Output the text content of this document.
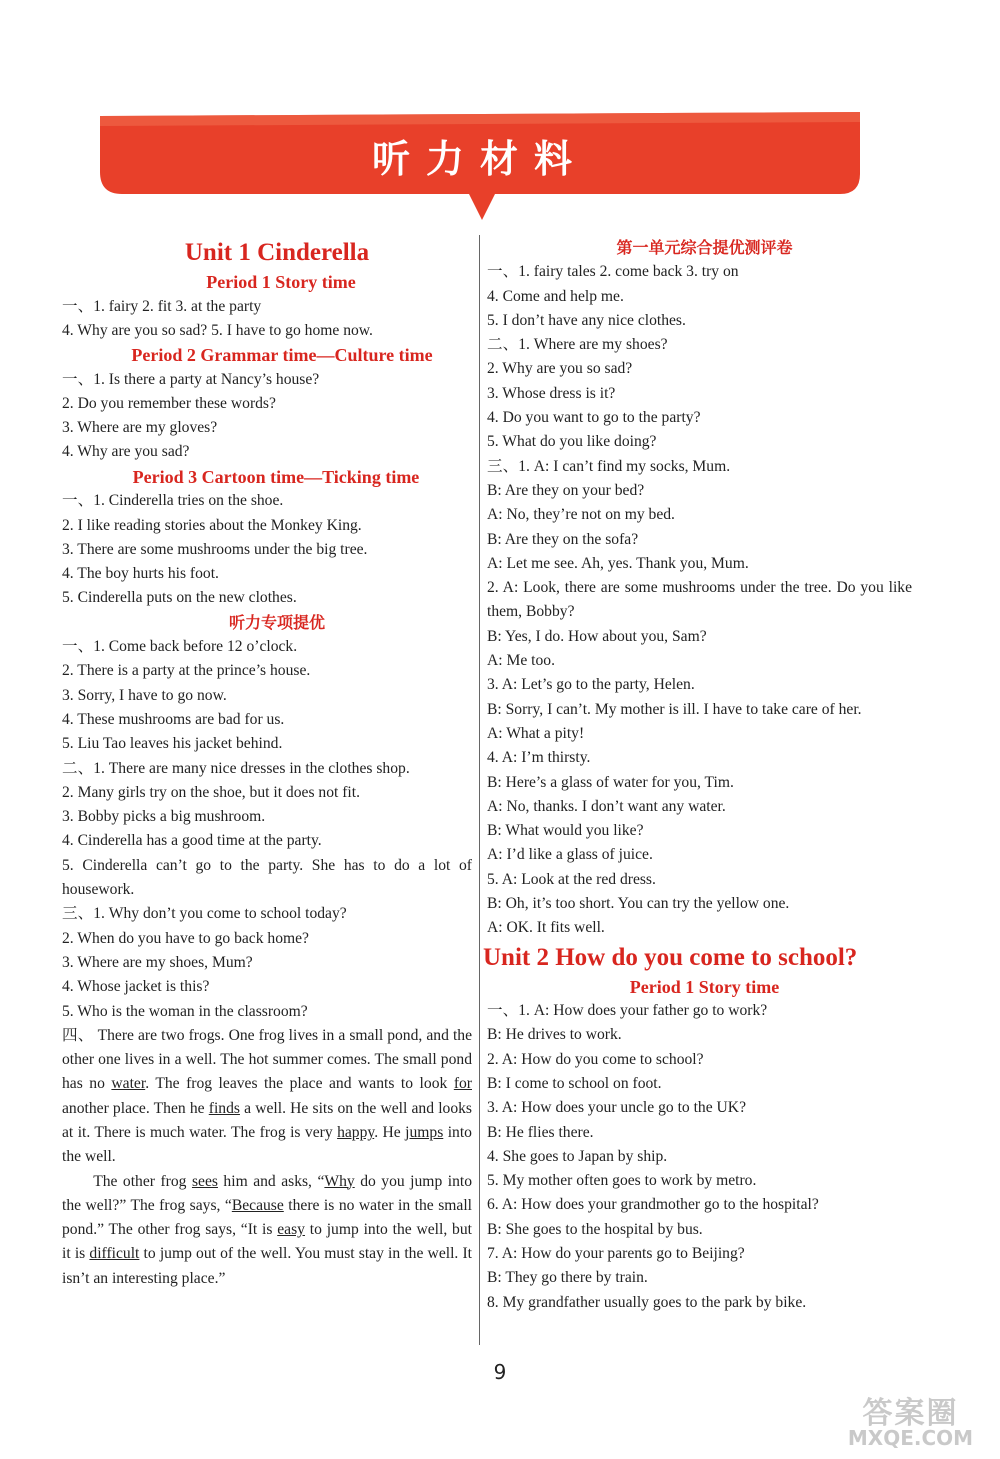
听力材料
Unit 1 Cinderella
Period 1 Story time
一、1. fairy 2. fit 3. at the party
4. Why are you so sad? 5. I have to go home now.
Period 2 Grammar time—Culture time
一、1. Is there a party at Nancy’s house?
2. Do you remember these words?
3. Where are my gloves?
4. Why are you sad?
Period 3 Cartoon time—Ticking time
一、1. Cinderella tries on the shoe.
2. I like reading stories about the Monkey King.
3. There are some mushrooms under the big tree.
4. The boy hurts his foot.
5. Cinderella puts on the new clothes.
听力专项提优
一、1. Come back before 12 o’clock.
2. There is a party at the prince’s house.
3. Sorry, I have to go now.
4. These mushrooms are bad for us.
5. Liu Tao leaves his jacket behind.
二、1. There are many nice dresses in the clothes shop.
2. Many girls try on the shoe, but it does not fit.
3. Bobby picks a big mushroom.
4. Cinderella has a good time at the party.
5. Cinderella can’t go to the party. She has to do a lot of housework.
三、1. Why don’t you come to school today?
2. When do you have to go back home?
3. Where are my shoes, Mum?
4. Whose jacket is this?
5. Who is the woman in the classroom?
四、 There are two frogs. One frog lives in a small pond, and the other one lives in a well. The hot summer comes. The small pond has no water. The frog leaves the place and wants to look for another place. Then he finds a well. He sits on the well and looks at it. There is much water. The frog is very happy. He jumps into the well.
The other frog sees him and asks, “Why do you jump into the well?” The frog says, “Because there is no water in the small pond.” The other frog says, “It is easy to jump into the well, but it is difficult to jump out of the well. You must stay in the well. It isn’t an interesting place.”
第一单元综合提优测评卷
一、1. fairy tales 2. come back 3. try on
4. Come and help me.
5. I don’t have any nice clothes.
二、1. Where are my shoes?
2. Why are you so sad?
3. Whose dress is it?
4. Do you want to go to the party?
5. What do you like doing?
三、1. A: I can’t find my socks, Mum.
B: Are they on your bed?
A: No, they’re not on my bed.
B: Are they on the sofa?
A: Let me see. Ah, yes. Thank you, Mum.
2. A: Look, there are some mushrooms under the tree. Do you like them, Bobby?
B: Yes, I do. How about you, Sam?
A: Me too.
3. A: Let’s go to the party, Helen.
B: Sorry, I can’t. My mother is ill. I have to take care of her.
A: What a pity!
4. A: I’m thirsty.
B: Here’s a glass of water for you, Tim.
A: No, thanks. I don’t want any water.
B: What would you like?
A: I’d like a glass of juice.
5. A: Look at the red dress.
B: Oh, it’s too short. You can try the yellow one.
A: OK. It fits well.
Unit 2 How do you come to school?
Period 1 Story time
一、1. A: How does your father go to work?
B: He drives to work.
2. A: How do you come to school?
B: I come to school on foot.
3. A: How does your uncle go to the UK?
B: He flies there.
4. She goes to Japan by ship.
5. My mother often goes to work by metro.
6. A: How does your grandmother go to the hospital?
B: She goes to the hospital by bus.
7. A: How do your parents go to Beijing?
B: They go there by train.
8. My grandfather usually goes to the park by bike.
9
答案圈
MXQE.COM
